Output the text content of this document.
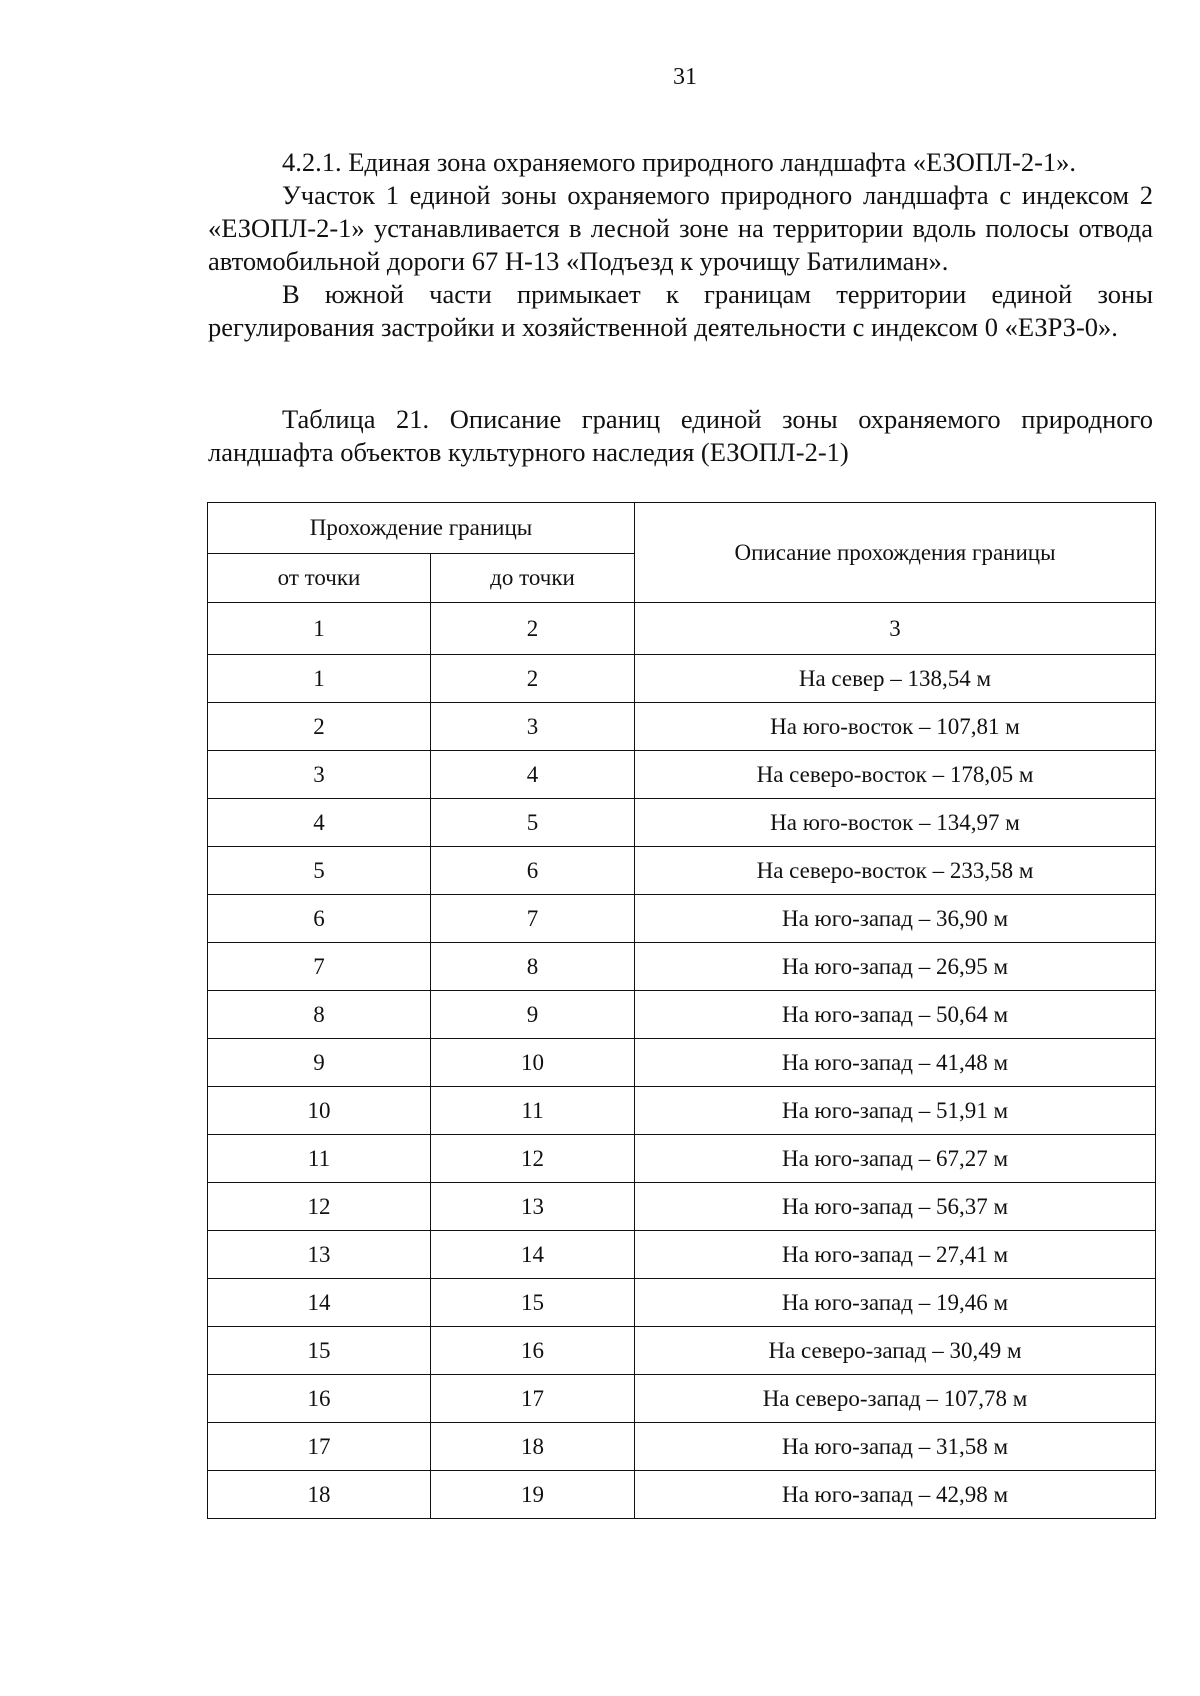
31

4.2.1. Единая зона охраняемого природного ландшафта «ЕЗОПЛ-2-1».

Участок 1 единой зоны охраняемого природного ландшафта с индексом 2 «ЕЗОПЛ-2-1» устанавливается в лесной зоне на территории вдоль полосы отвода автомобильной дороги 67 Н-13 «Подъезд к урочищу Батилиман».

В южной части примыкает к границам территории единой зоны регулирования застройки и хозяйственной деятельности с индексом 0 «ЕЗРЗ-0».

Таблица 21. Описание границ единой зоны охраняемого природного ландшафта объектов культурного наследия (ЕЗОПЛ-2-1)

Прохождение границы		Описание прохождения границы
от точки	до точки	
1	2	3
1	2	На север – 138,54 м
2	3	На юго-восток – 107,81 м
3	4	На северо-восток – 178,05 м
4	5	На юго-восток – 134,97 м
5	6	На северо-восток – 233,58 м
6	7	На юго-запад – 36,90 м
7	8	На юго-запад – 26,95 м
8	9	На юго-запад – 50,64 м
9	10	На юго-запад – 41,48 м
10	11	На юго-запад – 51,91 м
11	12	На юго-запад – 67,27 м
12	13	На юго-запад – 56,37 м
13	14	На юго-запад – 27,41 м
14	15	На юго-запад – 19,46 м
15	16	На северо-запад – 30,49 м
16	17	На северо-запад – 107,78 м
17	18	На юго-запад – 31,58 м
18	19	На юго-запад – 42,98 м
